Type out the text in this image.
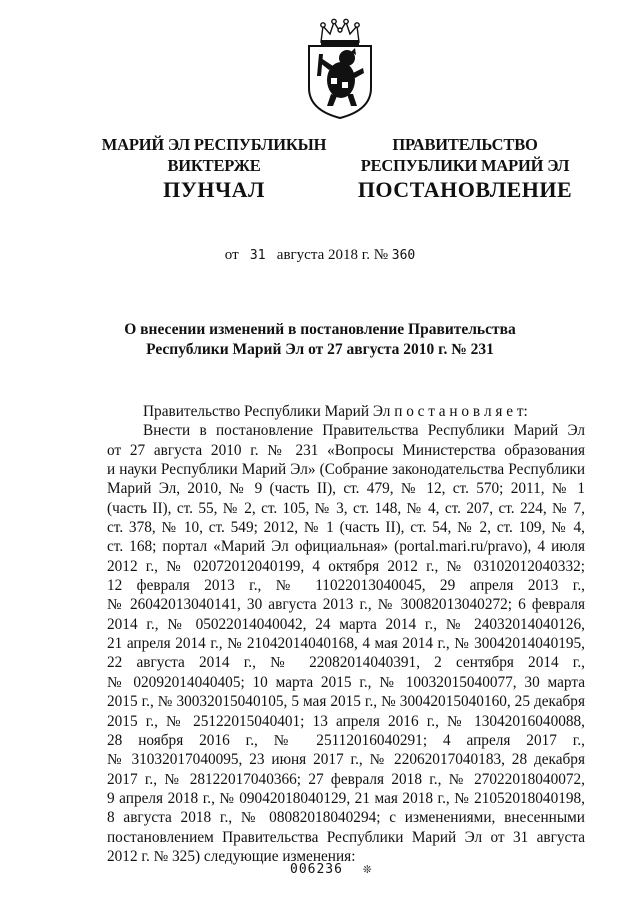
МАРИЙ ЭЛ РЕСПУБЛИКЫН
ВИКТЕРЖЕ
ПРАВИТЕЛЬСТВО
РЕСПУБЛИКИ МАРИЙ ЭЛ
ПУНЧАЛ	ПОСТАНОВЛЕНИЕ
от 31 августа 2018 г. № 360
О внесении изменений в постановление Правительства
Республики Марий Эл от 27 августа 2010 г. № 231
Правительство Республики Марий Эл п о с т а н о в л я е т:
Внести в постановление Правительства Республики Марий Эл
от 27 августа 2010 г. № 231 «Вопросы Министерства образования
и науки Республики Марий Эл» (Собрание законодательства Республики
Марий Эл, 2010, № 9 (часть II), ст. 479, № 12, ст. 570; 2011, № 1
(часть II), ст. 55, № 2, ст. 105, № 3, ст. 148, № 4, ст. 207, ст. 224, № 7,
ст. 378, № 10, ст. 549; 2012, № 1 (часть II), ст. 54, № 2, ст. 109, № 4,
ст. 168; портал «Марий Эл официальная» (portal.mari.ru/pravo), 4 июля
2012 г., № 02072012040199, 4 октября 2012 г., № 03102012040332;
12 февраля 2013 г., № 11022013040045, 29 апреля 2013 г.,
№ 26042013040141, 30 августа 2013 г., № 30082013040272; 6 февраля
2014 г., № 05022014040042, 24 марта 2014 г., № 24032014040126,
21 апреля 2014 г., № 21042014040168, 4 мая 2014 г., № 30042014040195,
22 августа 2014 г., № 22082014040391, 2 сентября 2014 г.,
№ 02092014040405; 10 марта 2015 г., № 10032015040077, 30 марта
2015 г., № 30032015040105, 5 мая 2015 г., № 30042015040160, 25 декабря
2015 г., № 25122015040401; 13 апреля 2016 г., № 13042016040088,
28 ноября 2016 г., № 25112016040291; 4 апреля 2017 г.,
№ 31032017040095, 23 июня 2017 г., № 22062017040183, 28 декабря
2017 г., № 28122017040366; 27 февраля 2018 г., № 27022018040072,
9 апреля 2018 г., № 09042018040129, 21 мая 2018 г., № 21052018040198,
8 августа 2018 г., № 08082018040294; с изменениями, внесенными
постановлением Правительства Республики Марий Эл от 31 августа
2012 г. № 325) следующие изменения:
006236 ❊
